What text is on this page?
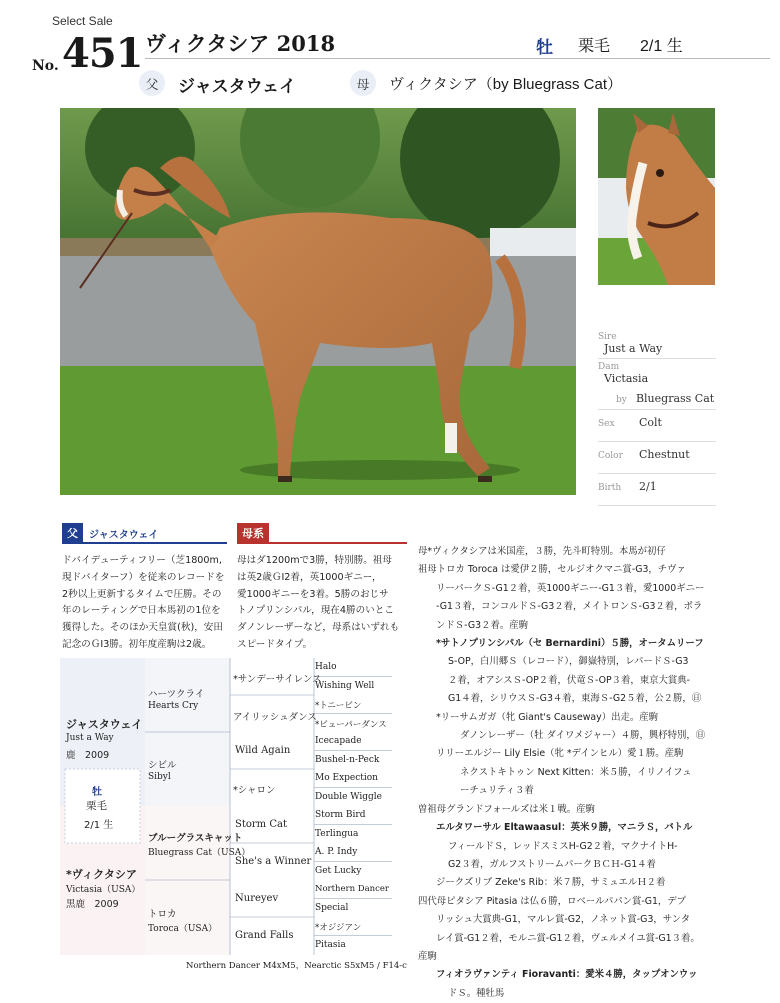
Select Sale
No. 451 ヴィクタシア 2018	牡 栗毛 2/1 生
父	ジャスタウェイ	母	ヴィクタシア（by Bluegrass Cat）
Sire
Just a Way
Dam
Victasia
by Bluegrass Cat
Sex	Colt
Color	Chestnut
Birth	2/1
父	ジャスタウェイ
ドバイデューティフリー（芝1800m,
現ドバイターフ）を従来のレコードを
2秒以上更新するタイムで圧勝。その
年のレーティングで日本馬初の1位を
獲得した。そのほか天皇賞(秋)，安田
記念のＧⅠ3勝。初年度産駒は2歳。
母系
母はダ1200mで3勝，特別勝。祖母
は英2歳ＧⅠ2着，英1000ギニー，
愛1000ギニーを3着。5勝のおじサ
トノプリンシパル，現在4勝のいとこ
ダノンレーザーなど，母系はいずれも
スピードタイプ。
ジャスタウェイ
Just a Way
鹿　2009
牡
栗毛
2/1 生
*ヴィクタシア
Victasia（USA）
黒鹿　2009
ハーツクライ
Hearts Cry
シビル
Sibyl
ブルーグラスキャット
Bluegrass Cat（USA）
トロカ
Toroca（USA）
*サンデーサイレンス
アイリッシュダンス
Wild Again
*シャロン
Storm Cat
She's a Winner
Nureyev
Grand Falls
Halo
Wishing Well
*トニービン
*ビューパーダンス
Icecapade
Bushel-n-Peck
Mo Expection
Double Wiggle
Storm Bird
Terlingua
A. P. Indy
Get Lucky
Northern Dancer
Special
*オジジアン
Pitasia
Northern Dancer M4xM5，Nearctic S5xM5 / F14-c
母*ヴィクタシアは米国産，３勝，先斗町特別。本馬が初仔
祖母トロカ Toroca は愛伊２勝，セルジオクマニ賞-G3，チヴァ
リーパークＳ-G1２着，英1000ギニー-G1３着，愛1000ギニー
-G1３着，コンコルドＳ-G3２着，メイトロンＳ-G3２着，ボラ
ンドＳ-G3２着。産駒
*サトノプリンシパル（セ Bernardini）５勝，オータムリーフ
S-OP，白川郷Ｓ（レコード），御嶽特別，レパードＳ-G3
２着，オアシスＳ-OP２着，伏竜Ｓ-OP３着，東京大賞典-
G1４着，シリウスＳ-G3４着，東海Ｓ-G2５着，公２勝，㊐
*リーサムガガ（牝 Giant's Causeway）出走。産駒
ダノンレーザー（牡 ダイワメジャー）４勝，興杼特別，㊐
リリーエルジー Lily Elsie（牝 *デインヒル）愛１勝。産駒
ネクストキトゥン Next Kitten：米５勝，イリノイフュ
ーチュリティ３着
曽祖母グランドフォールズは米１戦。産駒
エルタワーサル Eltawaasul：英米９勝，マニラＳ，バトル
フィールドＳ，レッドスミスH-G2２着，マクナイトH-
G2３着，ガルフストリームパークＢＣＨ-G1４着
ジークズリブ Zeke's Rib：米７勝，サミュエルＨ２着
四代母ピタシア Pitasia は仏６勝，ロベールパパン賞-G1，デプ
リッシュ大賞典-G1，マルレ賞-G2，ノネット賞-G3，サンタ
レイ賞-G1２着，モルニ賞-G1２着，ヴェルメイユ賞-G1３着。
産駒
フィオラヴァンティ Fioravanti：愛米４勝，タップオンウッ
ドＳ。種牡馬
